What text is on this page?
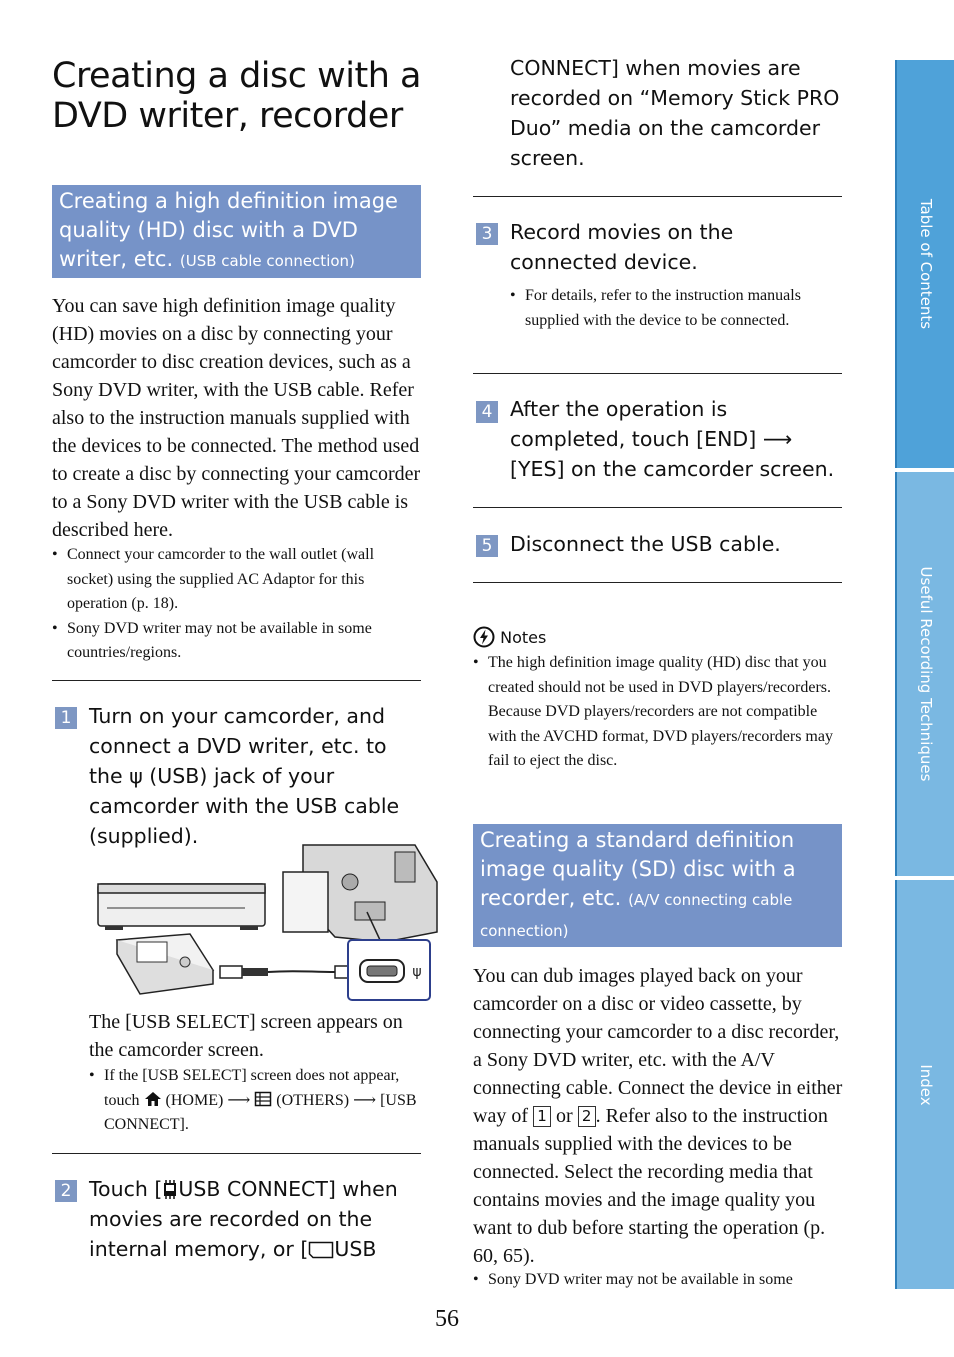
Table of Contents
Useful Recording Techniques
Index
Creating a disc with a DVD writer, recorder
Creating a high definition image quality (HD) disc with a DVD writer, etc. (USB cable connection)

You can save high definition image quality (HD) movies on a disc by connecting your camcorder to disc creation devices, such as a Sony DVD writer, with the USB cable. Refer also to the instruction manuals supplied with the devices to be connected. The method used to create a disc by connecting your camcorder to a Sony DVD writer with the USB cable is described here.

• Connect your camcorder to the wall outlet (wall socket) using the supplied AC Adaptor for this operation (p. 18).
• Sony DVD writer may not be available in some countries/regions.
1 Turn on your camcorder, and connect a DVD writer, etc. to the ψ (USB) jack of your camcorder with the USB cable (supplied).
ψ

The [USB SELECT] screen appears on the camcorder screen.

• If the [USB SELECT] screen does not appear, touch (HOME) ⟶ (OTHERS) ⟶ [USB CONNECT].
2 Touch [ USB CONNECT] when movies are recorded on the internal memory, or [ USB
CONNECT] when movies are recorded on “Memory Stick PRO Duo” media on the camcorder screen.
3 Record movies on the connected device.
• For details, refer to the instruction manuals supplied with the device to be connected.
4 After the operation is completed, touch [END] ⟶ [YES] on the camcorder screen.
5 Disconnect the USB cable.
Notes
• The high definition image quality (HD) disc that you created should not be used in DVD players/recorders. Because DVD players/recorders are not compatible with the AVCHD format, DVD players/recorders may fail to eject the disc.
Creating a standard definition image quality (SD) disc with a recorder, etc. (A/V connecting cable connection)

You can dub images played back on your camcorder on a disc or video cassette, by connecting your camcorder to a disc recorder, a Sony DVD writer, etc. with the A/V connecting cable. Connect the device in either way of 1 or 2 . Refer also to the instruction manuals supplied with the devices to be connected. Select the recording media that contains movies and the image quality you want to dub before starting the operation (p. 60, 65).

• Sony DVD writer may not be available in some
56
